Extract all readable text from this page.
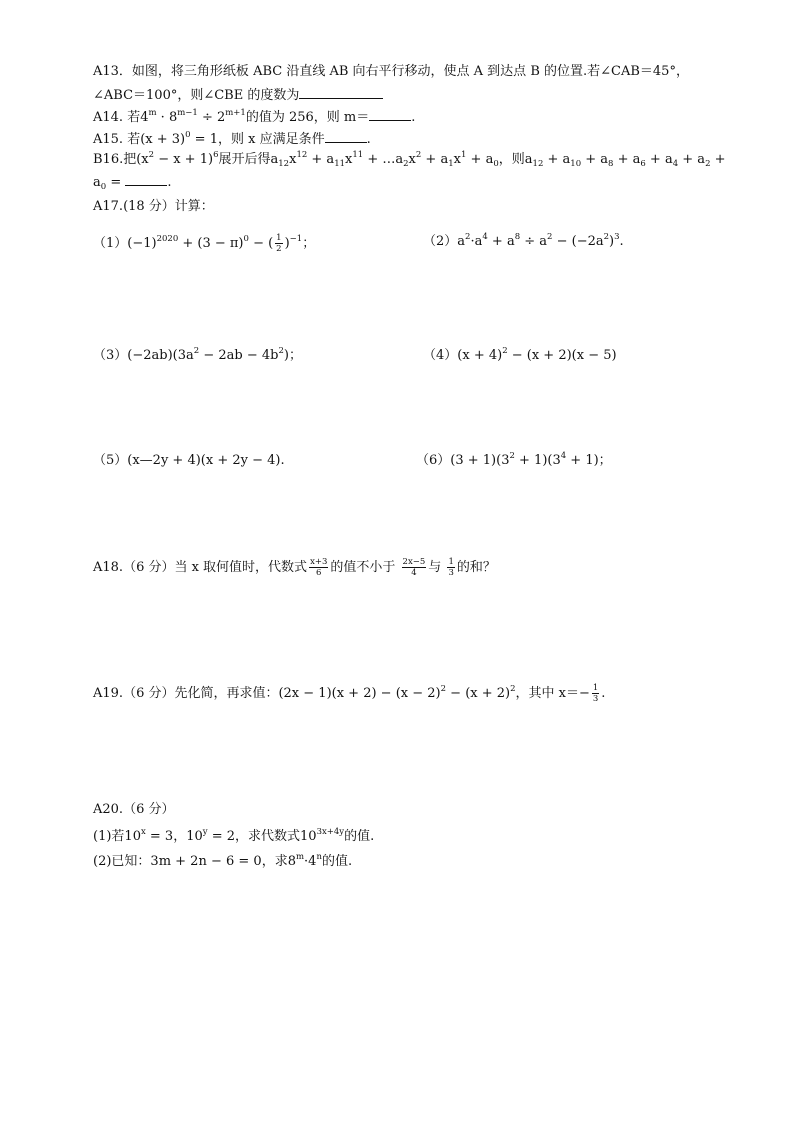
A13．如图，将三角形纸板 ABC 沿直线 AB 向右平行移动，使点 A 到达点 B 的位置.若∠CAB＝45°，
∠ABC＝100°，则∠CBE 的度数为
A14. 若$4^m \cdot 8^{m-1} \div 2^{m+1}$的值为 256，则 m＝	.
A15. 若$(x + 3)^0 = 1$，则 x 应满足条件	.
B16.把$(x^2 - x + 1)^6$展开后得$a_{12}x^{12} + a_{11}x^{11}$ + $\dots a_2x^2 + a_1x^1 + a_0$，则$a_{12} + a_{10} + a_8 + a_6 + a_4 + a_2$ +
$a_0$ =	.
A17.(18 分）计算：
$(1)(-1)^{2020} + (3 - \pi)^0$ − ( $\frac{1}{2} )^{-1}$；	$(2)a^2\cdot a^4 + a^8 \div a^2 - (-2a^2)^3$.
$(3)(-2ab)(3a^2 - 2ab - 4b^2)$；	$(4)(x + 4)^2 - (x + 2)(x - 5)$
（5）(x—2y + 4)(x + 2y − 4).	$(6)(3 + 1)(3^2 + 1)(3^4 + 1)$；
A18.（6 分）当 x 取何值时，代数式 $\frac{x+3}{6}$ 的值不小于 $\frac{2x-5}{4}$ 与 $\frac{1}{3}$ 的和？
A19.（6 分）先化简，再求值：$(2x - 1)(x + 2) - (x - 2)^2 - (x + 2)^2$，其中 $x=- \frac{1}{3}$ .
A20.（6 分）
(1)若$10^x = 3$，$10^y = 2$，求代数式$10^{3x+4y}$的值.
(2)已知：3m + 2n − 6 = 0，求$8^m\cdot 4^n$的值.
